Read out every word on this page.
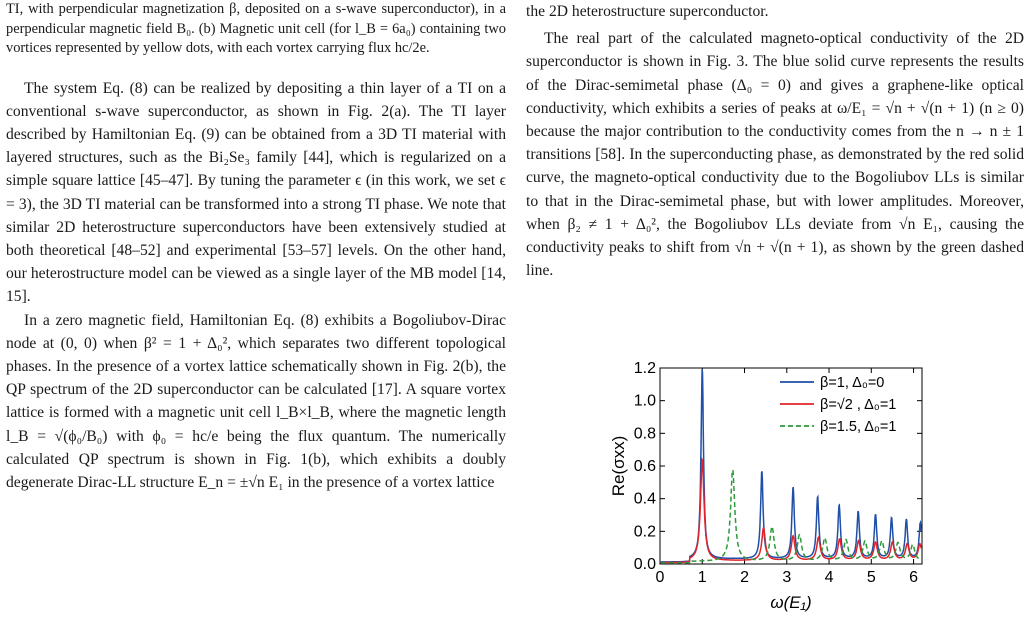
TI, with perpendicular magnetization β, deposited on a s-wave superconductor), in a perpendicular magnetic field B₀. (b) Magnetic unit cell (for l_B = 6a₀) containing two vortices represented by yellow dots, with each vortex carrying flux hc/2e.

The system Eq. (8) can be realized by depositing a thin layer of a TI on a conventional s-wave superconductor, as shown in Fig. 2(a). The TI layer described by Hamiltonian Eq. (9) can be obtained from a 3D TI material with layered structures, such as the Bi₂Se₃ family [44], which is regularized on a simple square lattice [45–47]. By tuning the parameter ϵ (in this work, we set ϵ = 3), the 3D TI material can be transformed into a strong TI phase. We note that similar 2D heterostructure superconductors have been extensively studied at both theoretical [48–52] and experimental [53–57] levels. On the other hand, our heterostructure model can be viewed as a single layer of the MB model [14, 15].

In a zero magnetic field, Hamiltonian Eq. (8) exhibits a Bogoliubov-Dirac node at (0, 0) when β² = 1 + Δ₀², which separates two different topological phases. In the presence of a vortex lattice schematically shown in Fig. 2(b), the QP spectrum of the 2D superconductor can be calculated [17]. A square vortex lattice is formed with a magnetic unit cell l_B×l_B, where the magnetic length l_B = √(ϕ₀/B₀) with ϕ₀ = hc/e being the flux quantum. The numerically calculated QP spectrum is shown in Fig. 1(b), which exhibits a doubly degenerate Dirac-LL structure E_n = ±√n E₁ in the presence of a vortex lattice

the 2D heterostructure superconductor.

The real part of the calculated magneto-optical conductivity of the 2D superconductor is shown in Fig. 3. The blue solid curve represents the results of the Dirac-semimetal phase (Δ₀ = 0) and gives a graphene-like optical conductivity, which exhibits a series of peaks at ω/E₁ = √n + √(n + 1) (n ≥ 0) because the major contribution to the conductivity comes from the n → n ± 1 transitions [58]. In the superconducting phase, as demonstrated by the red solid curve, the magneto-optical conductivity due to the Bogoliubov LLs is similar to that in the Dirac-semimetal phase, but with lower amplitudes. Moreover, when β₂ ≠ 1 + Δ₀², the Bogoliubov LLs deviate from √n E₁, causing the conductivity peaks to shift from √n + √(n + 1), as shown by the green dashed line.

0 1 2 3 4 5 6
0.0
0.2
0.4
0.6
0.8
1.0
1.2
ω(E₁)
Re(σxx)
β=1, Δ₀=0
β=√2 , Δ₀=1
β=1.5, Δ₀=1
